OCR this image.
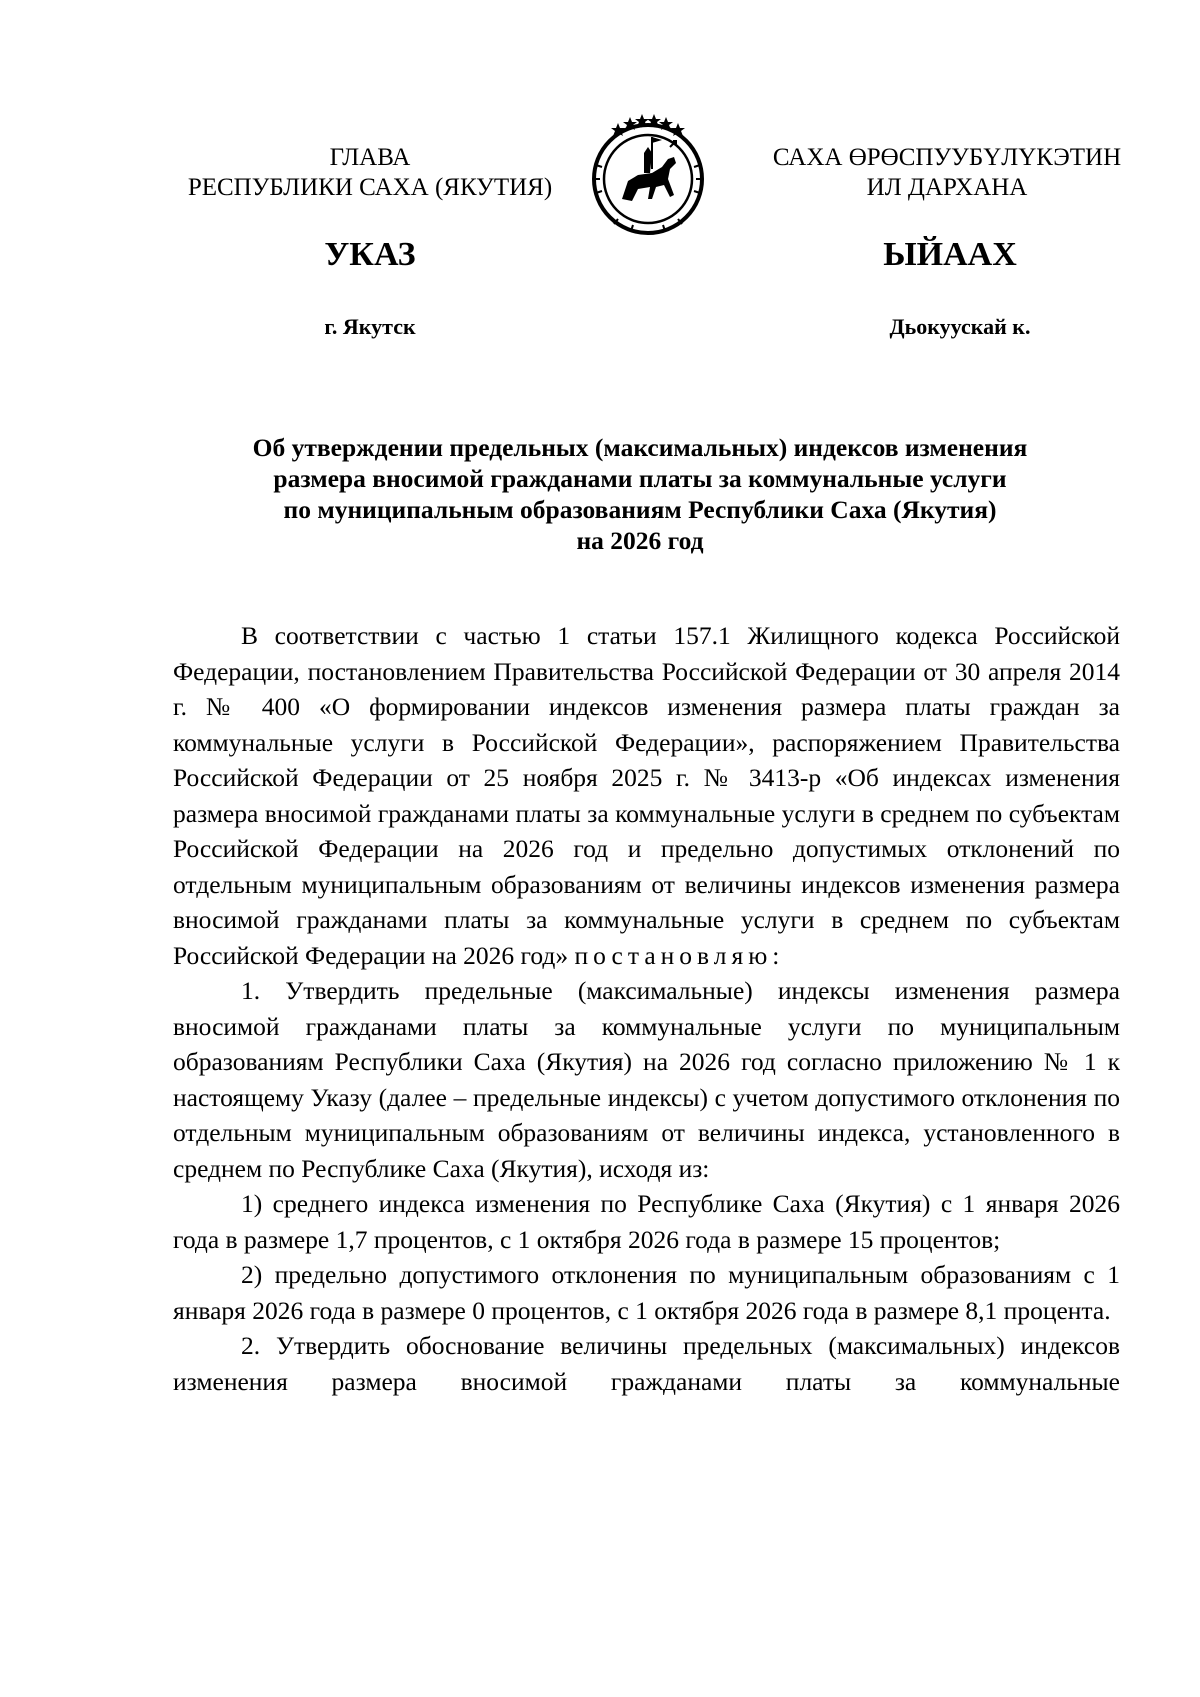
ГЛАВА
РЕСПУБЛИКИ САХА (ЯКУТИЯ)
САХА ӨРӨСПУУБҮЛҮКЭТИН
ИЛ ДАРХАНА
УКАЗ	ЫЙААХ
г. Якутск	Дьокуускай к.
Об утверждении предельных (максимальных) индексов изменения
размера вносимой гражданами платы за коммунальные услуги
по муниципальным образованиям Республики Саха (Якутия)
на 2026 год

В соответствии с частью 1 статьи 157.1 Жилищного кодекса Российской Федерации, постановлением Правительства Российской Федерации от 30 апреля 2014 г. № 400 «О формировании индексов изменения размера платы граждан за коммунальные услуги в Российской Федерации», распоряжением Правительства Российской Федерации от 25 ноября 2025 г. № 3413-р «Об индексах изменения размера вносимой гражданами платы за коммунальные услуги в среднем по субъектам Российской Федерации на 2026 год и предельно допустимых отклонений по отдельным муниципальным образованиям от величины индексов изменения размера вносимой гражданами платы за коммунальные услуги в среднем по субъектам Российской Федерации на 2026 год» постановляю:

1. Утвердить предельные (максимальные) индексы изменения размера вносимой гражданами платы за коммунальные услуги по муниципальным образованиям Республики Саха (Якутия) на 2026 год согласно приложению № 1 к настоящему Указу (далее – предельные индексы) с учетом допустимого отклонения по отдельным муниципальным образованиям от величины индекса, установленного в среднем по Республике Саха (Якутия), исходя из:

1) среднего индекса изменения по Республике Саха (Якутия) с 1 января 2026 года в размере 1,7 процентов, с 1 октября 2026 года в размере 15 процентов;

2) предельно допустимого отклонения по муниципальным образованиям с 1 января 2026 года в размере 0 процентов, с 1 октября 2026 года в размере 8,1 процента.

2. Утвердить обоснование величины предельных (максимальных) индексов изменения размера вносимой гражданами платы за коммунальные
